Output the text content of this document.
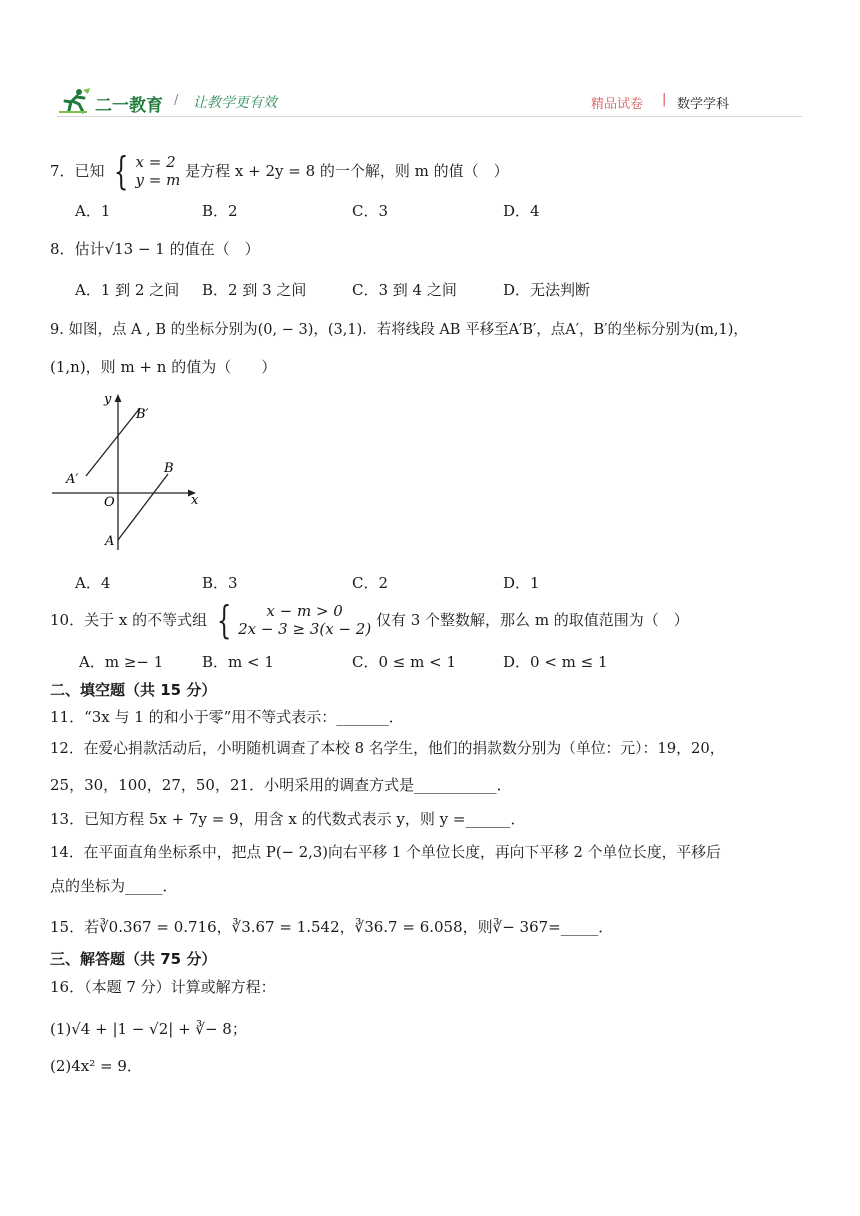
二一教育 / 让教学更有效	精品试卷 | 数学学科
7．已知 { x = 2
y = m 是方程 x + 2y = 8 的一个解，则 m 的值（　）
A．1	B．2	C．3	D．4
8．估计√13 − 1 的值在（　）
A．1 到 2 之间 B．2 到 3 之间	C．3 到 4 之间	D．无法判断
9. 如图，点 A , B 的坐标分别为(0, − 3)，(3,1)．若将线段 AB 平移至A′B′，点A′，B′的坐标分别为(m,1)，
(1,n)，则 m + n 的值为（　　）
y
x
O
A
B
A′
B′
A．4	B．3	C．2	D．1
10．关于 x 的不等式组 { x − m > 0
2x − 3 ≥ 3(x − 2) 仅有 3 个整数解，那么 m 的取值范围为（　）
A．m ≥− 1	B．m < 1	C．0 ≤ m < 1	D．0 < m ≤ 1
二、填空题（共 15 分）
11．“3x 与 1 的和小于零”用不等式表示：_______．
12．在爱心捐款活动后，小明随机调查了本校 8 名学生，他们的捐款数分别为（单位：元）：19，20，
25，30，100，27，50，21．小明采用的调查方式是___________．
13．已知方程 5x + 7y = 9，用含 x 的代数式表示 y，则 y =______．
14．在平面直角坐标系中，把点 P(− 2,3)向右平移 1 个单位长度，再向下平移 2 个单位长度，平移后
点的坐标为_____．
15．若∛0.367 = 0.716，∛3.67 = 1.542，∛36.7 = 6.058，则∛− 367=_____．
三、解答题（共 75 分）
16．（本题 7 分）计算或解方程：
(1)√4 + |1 − √2| + ∛− 8；
(2)4x² = 9．
